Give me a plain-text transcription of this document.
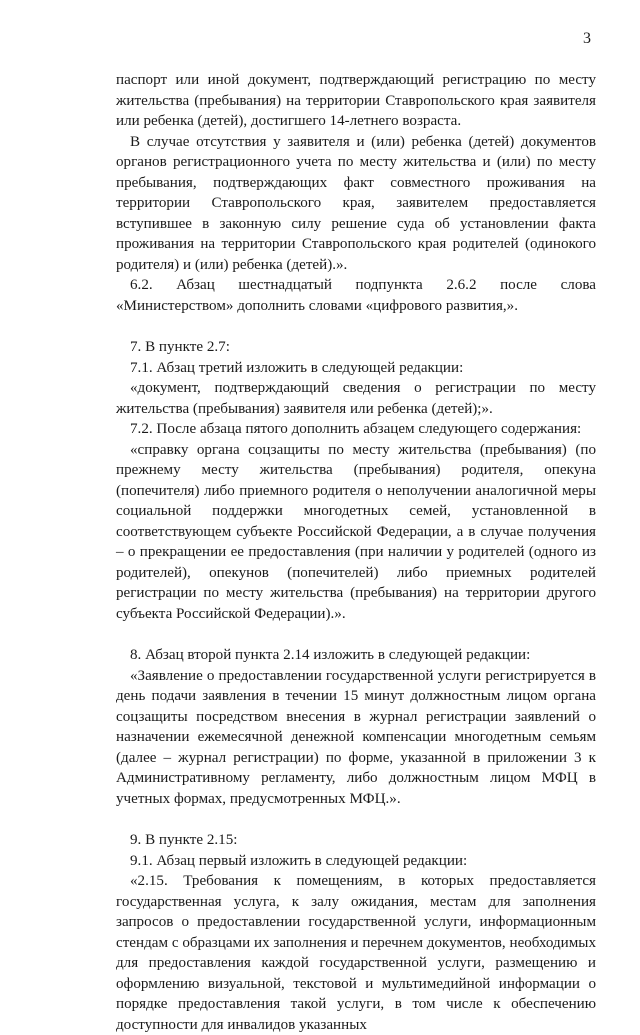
3

паспорт или иной документ, подтверждающий регистрацию по месту жительства (пребывания) на территории Ставропольского края заявителя или ребенка (детей), достигшего 14-летнего возраста.

В случае отсутствия у заявителя и (или) ребенка (детей) документов органов регистрационного учета по месту жительства и (или) по месту пребывания, подтверждающих факт совместного проживания на территории Ставропольского края, заявителем предоставляется вступившее в законную силу решение суда об установлении факта проживания на территории Ставропольского края родителей (одинокого родителя) и (или) ребенка (детей).».

6.2. Абзац шестнадцатый подпункта 2.6.2 после слова «Министерством» дополнить словами «цифрового развития,».

7. В пункте 2.7:

7.1. Абзац третий изложить в следующей редакции:

«документ, подтверждающий сведения о регистрации по месту жительства (пребывания) заявителя или ребенка (детей);».

7.2. После абзаца пятого дополнить абзацем следующего содержания:

«справку органа соцзащиты по месту жительства (пребывания) (по прежнему месту жительства (пребывания) родителя, опекуна (попечителя) либо приемного родителя о неполучении аналогичной меры социальной поддержки многодетных семей, установленной в соответствующем субъекте Российской Федерации, а в случае получения – о прекращении ее предоставления (при наличии у родителей (одного из родителей), опекунов (попечителей) либо приемных родителей регистрации по месту жительства (пребывания) на территории другого субъекта Российской Федерации).».

8. Абзац второй пункта 2.14 изложить в следующей редакции:

«Заявление о предоставлении государственной услуги регистрируется в день подачи заявления в течении 15 минут должностным лицом органа соцзащиты посредством внесения в журнал регистрации заявлений о назначении ежемесячной денежной компенсации многодетным семьям (далее – журнал регистрации) по форме, указанной в приложении 3 к Административному регламенту, либо должностным лицом МФЦ в учетных формах, предусмотренных МФЦ.».

9. В пункте 2.15:

9.1. Абзац первый изложить в следующей редакции:

«2.15. Требования к помещениям, в которых предоставляется государственная услуга, к залу ожидания, местам для заполнения запросов о предоставлении государственной услуги, информационным стендам с образцами их заполнения и перечнем документов, необходимых для предоставления каждой государственной услуги, размещению и оформлению визуальной, текстовой и мультимедийной информации о порядке предоставления такой услуги, в том числе к обеспечению доступности для инвалидов указанных
